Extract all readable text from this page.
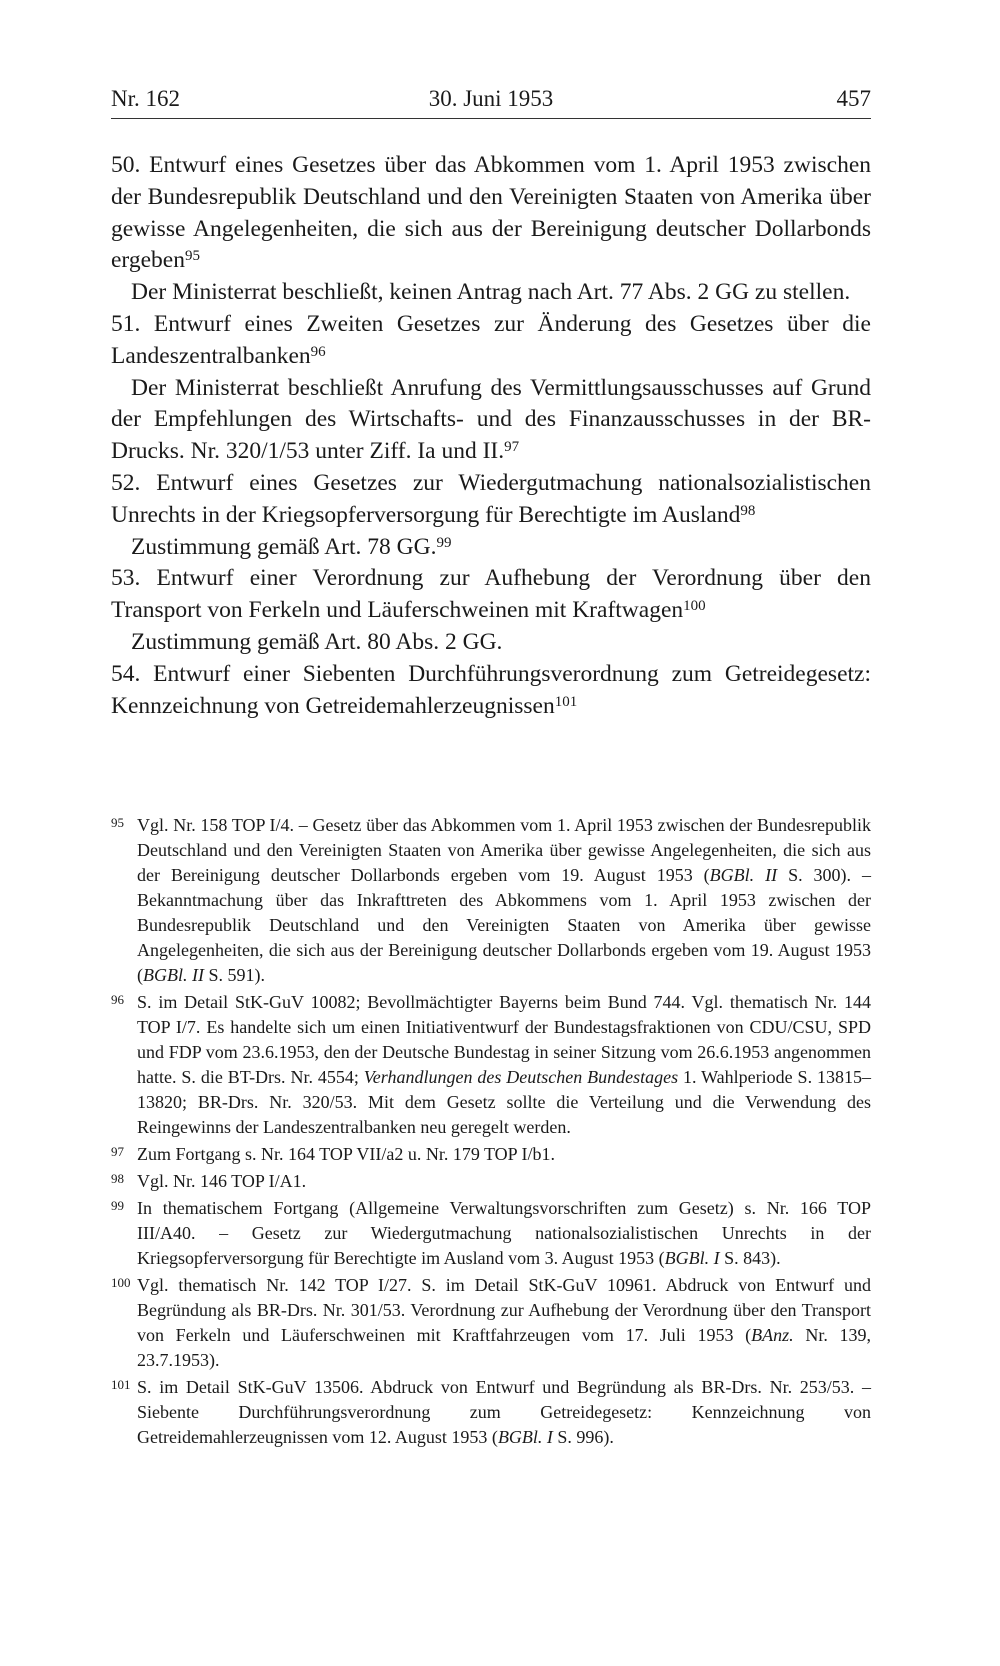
Nr. 162	30. Juni 1953	457

50. Entwurf eines Gesetzes über das Abkommen vom 1. April 1953 zwischen der Bundesrepublik Deutschland und den Vereinigten Staaten von Amerika über gewisse Angelegenheiten, die sich aus der Bereinigung deutscher Dollarbonds ergeben$^{95}$

Der Ministerrat beschließt, keinen Antrag nach Art. 77 Abs. 2 GG zu stellen.

51. Entwurf eines Zweiten Gesetzes zur Änderung des Gesetzes über die Landeszentralbanken$^{96}$

Der Ministerrat beschließt Anrufung des Vermittlungsausschusses auf Grund der Empfehlungen des Wirtschafts- und des Finanzausschusses in der BR-Drucks. Nr. 320/1/53 unter Ziff. Ia und II.$^{97}$

52. Entwurf eines Gesetzes zur Wiedergutmachung nationalsozialistischen Unrechts in der Kriegsopferversorgung für Berechtigte im Ausland$^{98}$

Zustimmung gemäß Art. 78 GG.$^{99}$

53. Entwurf einer Verordnung zur Aufhebung der Verordnung über den Transport von Ferkeln und Läuferschweinen mit Kraftwagen$^{100}$

Zustimmung gemäß Art. 80 Abs. 2 GG.

54. Entwurf einer Siebenten Durchführungsverordnung zum Getreidegesetz: Kennzeichnung von Getreidemahlerzeugnissen$^{101}$

95 Vgl. Nr. 158 TOP I/4. – Gesetz über das Abkommen vom 1. April 1953 zwischen der Bundesrepublik Deutschland und den Vereinigten Staaten von Amerika über gewisse Angelegenheiten, die sich aus der Bereinigung deutscher Dollarbonds ergeben vom 19. August 1953 (BGBl. II S. 300). – Bekanntmachung über das Inkrafttreten des Abkommens vom 1. April 1953 zwischen der Bundesrepublik Deutschland und den Vereinigten Staaten von Amerika über gewisse Angelegenheiten, die sich aus der Bereinigung deutscher Dollarbonds ergeben vom 19. August 1953 (BGBl. II S. 591).
96 S. im Detail StK-GuV 10082; Bevollmächtigter Bayerns beim Bund 744. Vgl. thematisch Nr. 144 TOP I/7. Es handelte sich um einen Initiativentwurf der Bundestagsfraktionen von CDU/CSU, SPD und FDP vom 23.6.1953, den der Deutsche Bundestag in seiner Sitzung vom 26.6.1953 angenommen hatte. S. die BT-Drs. Nr. 4554; Verhandlungen des Deutschen Bundestages 1. Wahlperiode S. 13815–13820; BR-Drs. Nr. 320/53. Mit dem Gesetz sollte die Verteilung und die Verwendung des Reingewinns der Landeszentralbanken neu geregelt werden.
97 Zum Fortgang s. Nr. 164 TOP VII/a2 u. Nr. 179 TOP I/b1.
98 Vgl. Nr. 146 TOP I/A1.
99 In thematischem Fortgang (Allgemeine Verwaltungsvorschriften zum Gesetz) s. Nr. 166 TOP III/A40. – Gesetz zur Wiedergutmachung nationalsozialistischen Unrechts in der Kriegsopferversorgung für Berechtigte im Ausland vom 3. August 1953 (BGBl. I S. 843).
100 Vgl. thematisch Nr. 142 TOP I/27. S. im Detail StK-GuV 10961. Abdruck von Entwurf und Begründung als BR-Drs. Nr. 301/53. Verordnung zur Aufhebung der Verordnung über den Transport von Ferkeln und Läuferschweinen mit Kraftfahrzeugen vom 17. Juli 1953 (BAnz. Nr. 139, 23.7.1953).
101 S. im Detail StK-GuV 13506. Abdruck von Entwurf und Begründung als BR-Drs. Nr. 253/53. – Siebente Durchführungsverordnung zum Getreidegesetz: Kennzeichnung von Getreidemahlerzeugnissen vom 12. August 1953 (BGBl. I S. 996).
